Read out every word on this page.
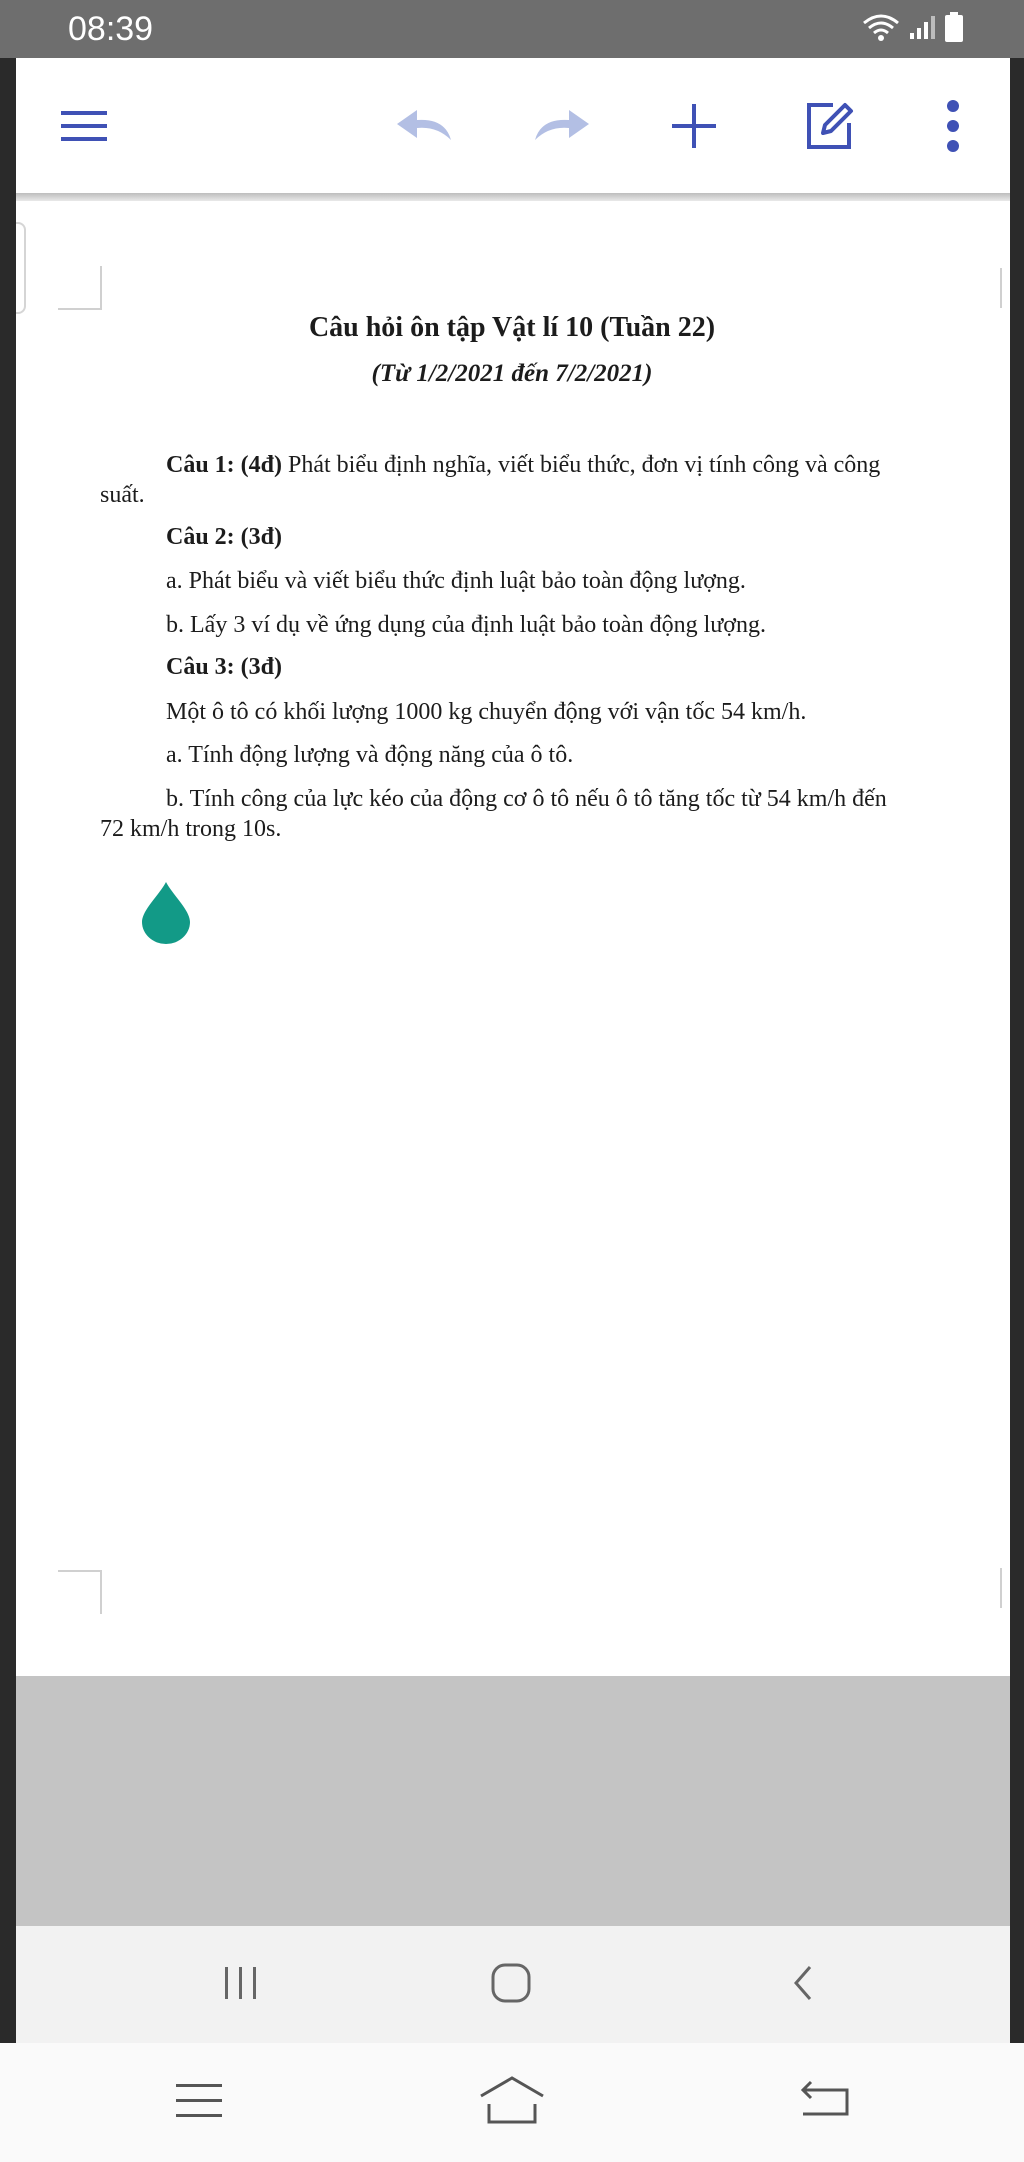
08:39
Câu hỏi ôn tập Vật lí 10 (Tuần 22)
(Từ 1/2/2021 đến 7/2/2021)
Câu 1: (4đ) Phát biểu định nghĩa, viết biểu thức, đơn vị tính công và công
suất.
Câu 2: (3đ)
a. Phát biểu và viết biểu thức định luật bảo toàn động lượng.
b. Lấy 3 ví dụ về ứng dụng của định luật bảo toàn động lượng.
Câu 3: (3đ)
Một ô tô có khối lượng 1000 kg chuyển động với vận tốc 54 km/h.
a. Tính động lượng và động năng của ô tô.
b. Tính công của lực kéo của động cơ ô tô nếu ô tô tăng tốc từ 54 km/h đến
72 km/h trong 10s.
